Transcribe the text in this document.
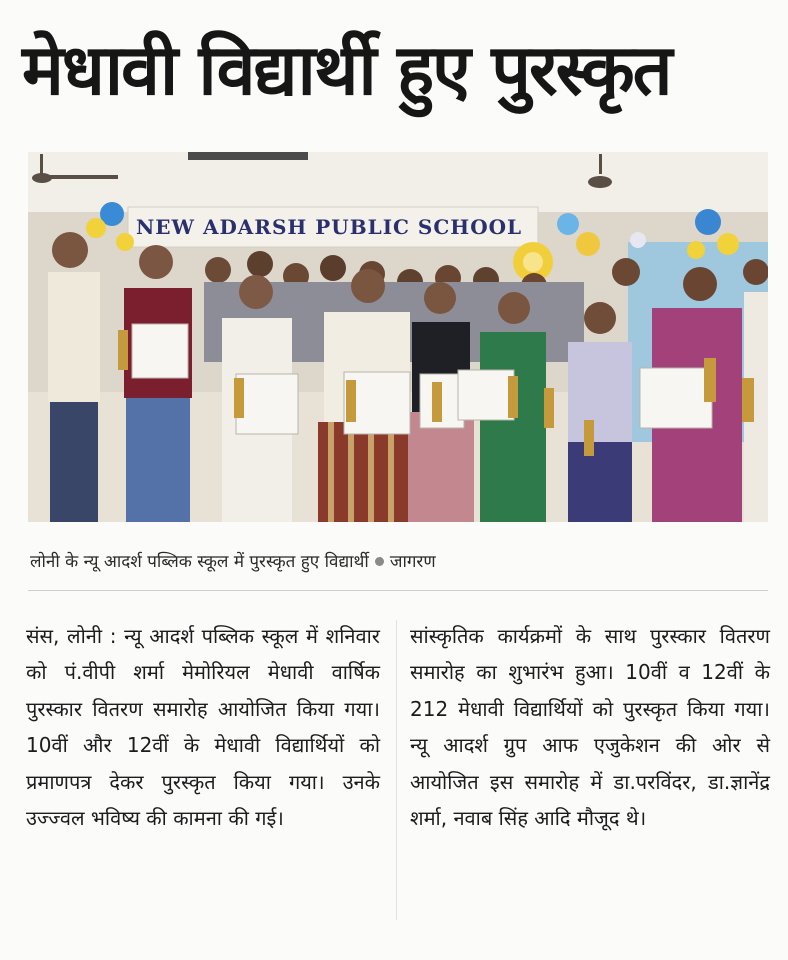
मेधावी विद्यार्थी हुए पुरस्कृत
NEW ADARSH PUBLIC SCHOOL
लोनी के न्यू आदर्श पब्लिक स्कूल में पुरस्कृत हुए विद्यार्थी जागरण
संस, लोनी : न्यू आदर्श पब्लिक स्कूल में शनिवार को पं.वीपी शर्मा मेमोरियल मेधावी वार्षिक पुरस्कार वितरण समारोह आयोजित किया गया। 10वीं और 12वीं के मेधावी विद्यार्थियों को प्रमाणपत्र देकर पुरस्कृत किया गया। उनके उज्ज्वल भविष्य की कामना की गई।
सांस्कृतिक कार्यक्रमों के साथ पुरस्कार वितरण समारोह का शुभारंभ हुआ। 10वीं व 12वीं के 212 मेधावी विद्यार्थियों को पुरस्कृत किया गया। न्यू आदर्श ग्रुप आफ एजुकेशन की ओर से आयोजित इस समारोह में डा.परविंदर, डा.ज्ञानेंद्र शर्मा, नवाब सिंह आदि मौजूद थे।
